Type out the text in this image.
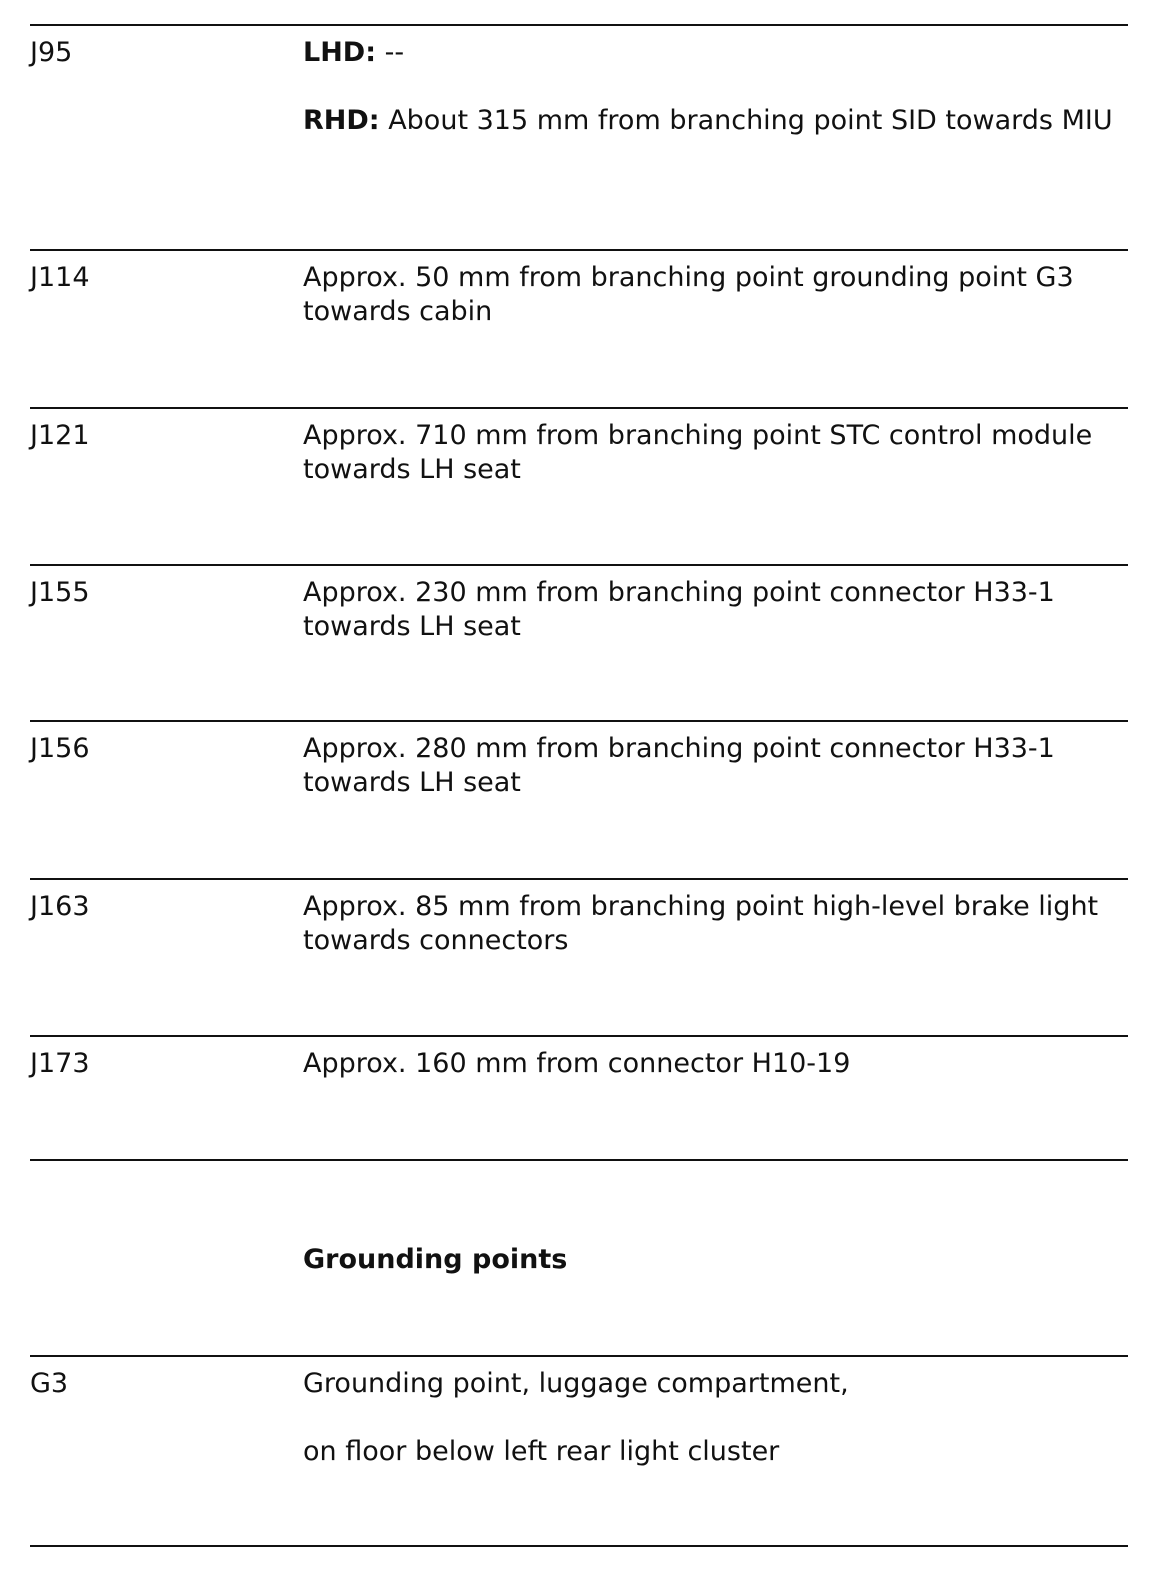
J95	LHD: --

RHD: About 315 mm from branching point SID towards MIU

J114	Approx. 50 mm from branching point grounding point G3 towards cabin
J121	Approx. 710 mm from branching point STC control module towards LH seat
J155	Approx. 230 mm from branching point connector H33-1 towards LH seat
J156	Approx. 280 mm from branching point connector H33-1 towards LH seat
J163	Approx. 85 mm from branching point high-level brake light towards connectors
J173	Approx. 160 mm from connector H10-19
Grounding points
G3	Grounding point, luggage compartment,

on floor below left rear light cluster
